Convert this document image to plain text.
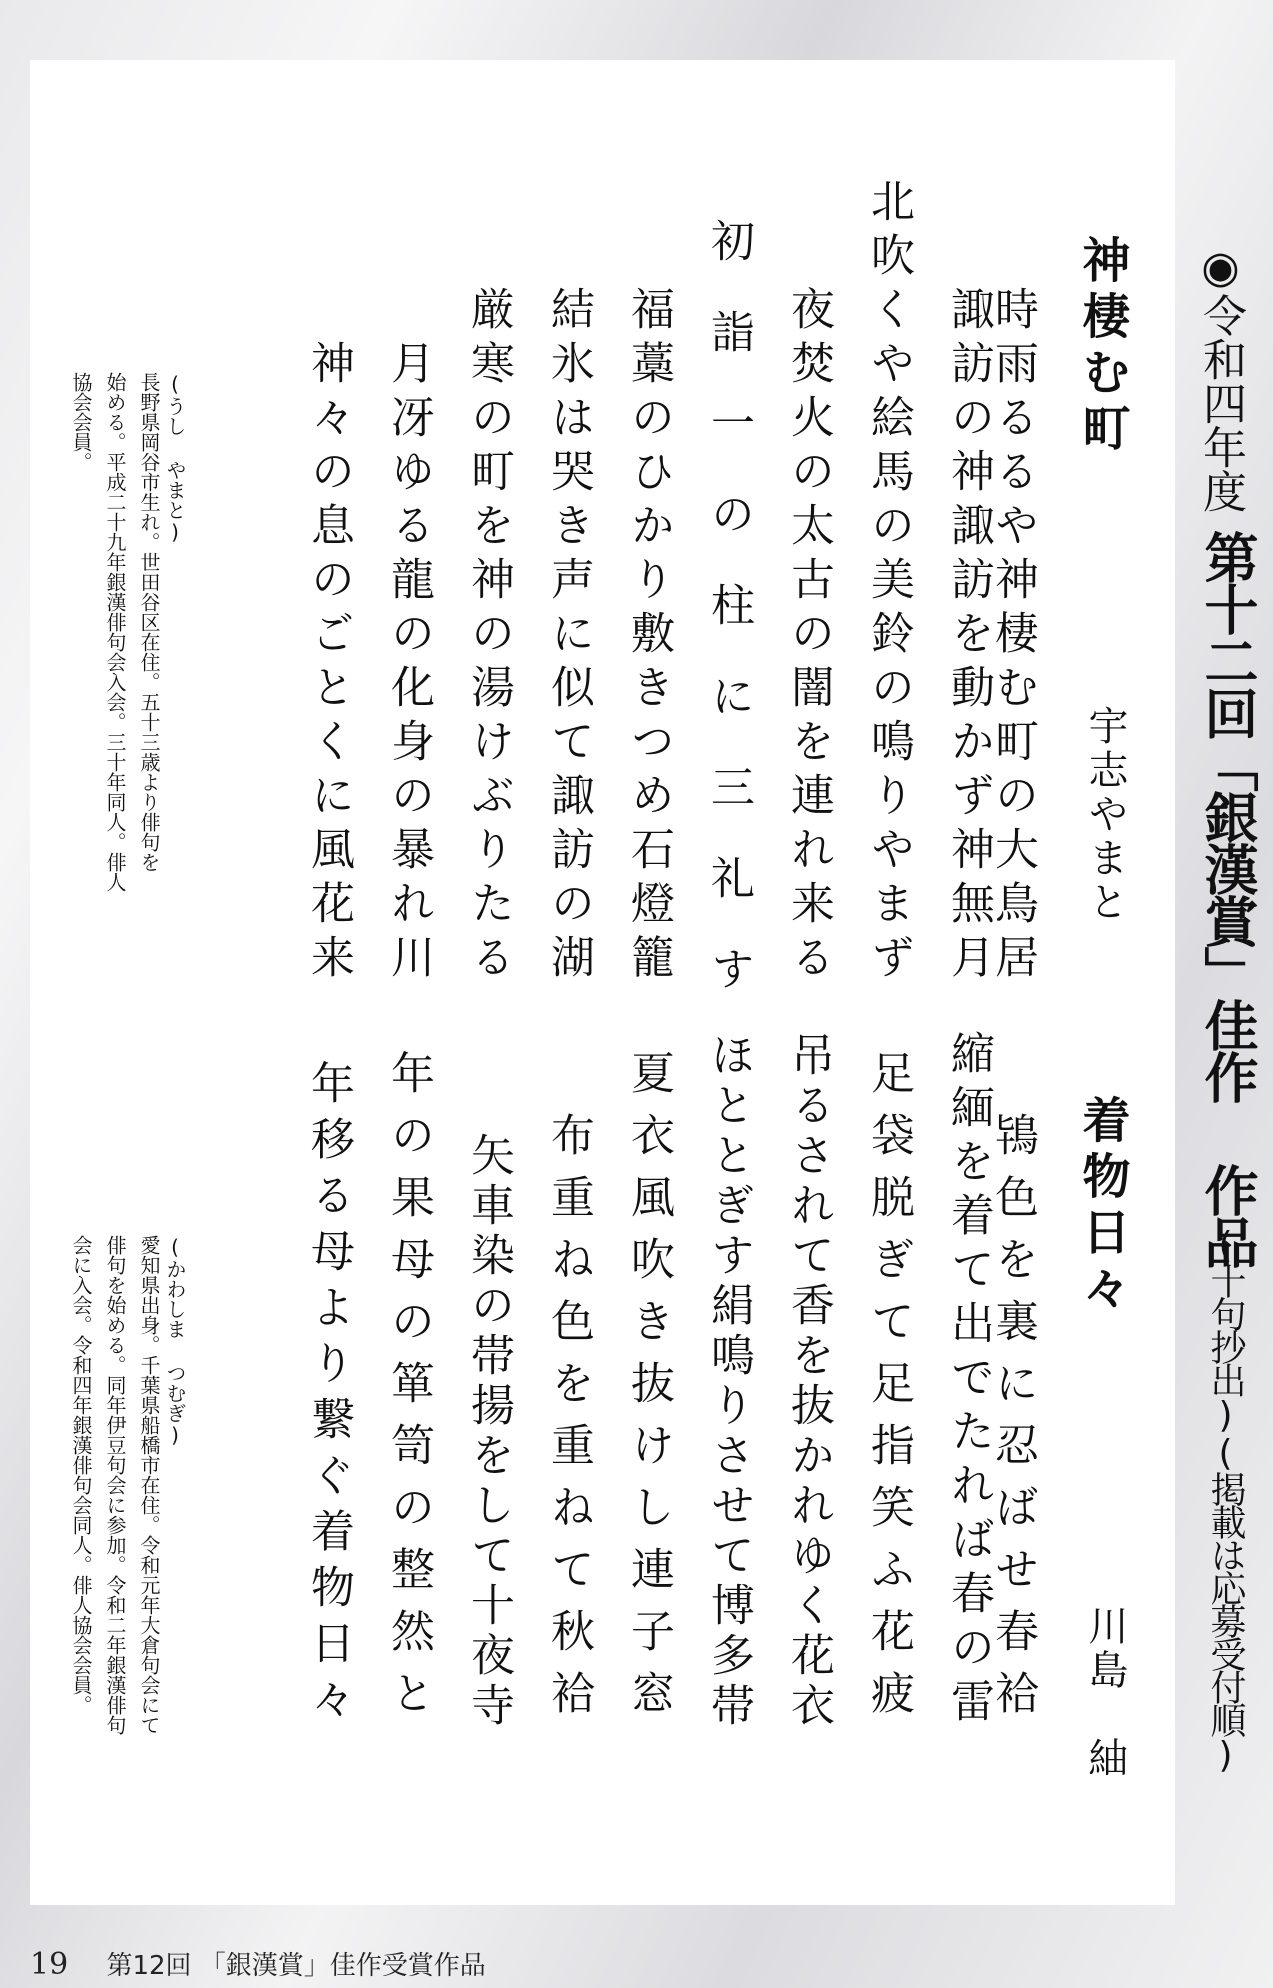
◉令和四年度
第十二回「銀漢賞」佳作 作品
(十句抄出)(掲載は応募受付順)
神棲む町
宇志やまと
時雨るるや神棲む町の大鳥居
諏訪の神諏訪を動かず神無月
北吹くや絵馬の美鈴の鳴りやまず
夜焚火の太古の闇を連れ来る
初 詣 一 の 柱 に 三 礼 す
福藁のひかり敷きつめ石燈籠
結氷は哭き声に似て諏訪の湖
厳寒の町を神の湯けぶりたる
月冴ゆる龍の化身の暴れ川
神々の息のごとくに風花来
(うし やまと)
長野県岡谷市生れ。世田谷区在住。五十三歳より俳句を
始める。平成二十九年銀漢俳句会入会。三十年同人。俳人
協会会員。
着物日々
川島　紬
鴇色を裏に忍ばせ春袷
縮緬を着て出でたれば春の雷
足袋脱ぎて足指笑ふ花疲
吊るされて香を抜かれゆく花衣
ほととぎす絹鳴りさせて博多帯
夏衣風吹き抜けし連子窓
布重ね色を重ねて秋袷
矢車染の帯揚をして十夜寺
年の果母の箪笥の整然と
年移る母より繋ぐ着物日々
(かわしま つむぎ)
愛知県出身。千葉県船橋市在住。令和元年大倉句会にて
俳句を始める。同年伊豆句会に参加。令和二年銀漢俳句
会に入会。令和四年銀漢俳句会同人。俳人協会会員。
19 第12回 「銀漢賞」佳作受賞作品
